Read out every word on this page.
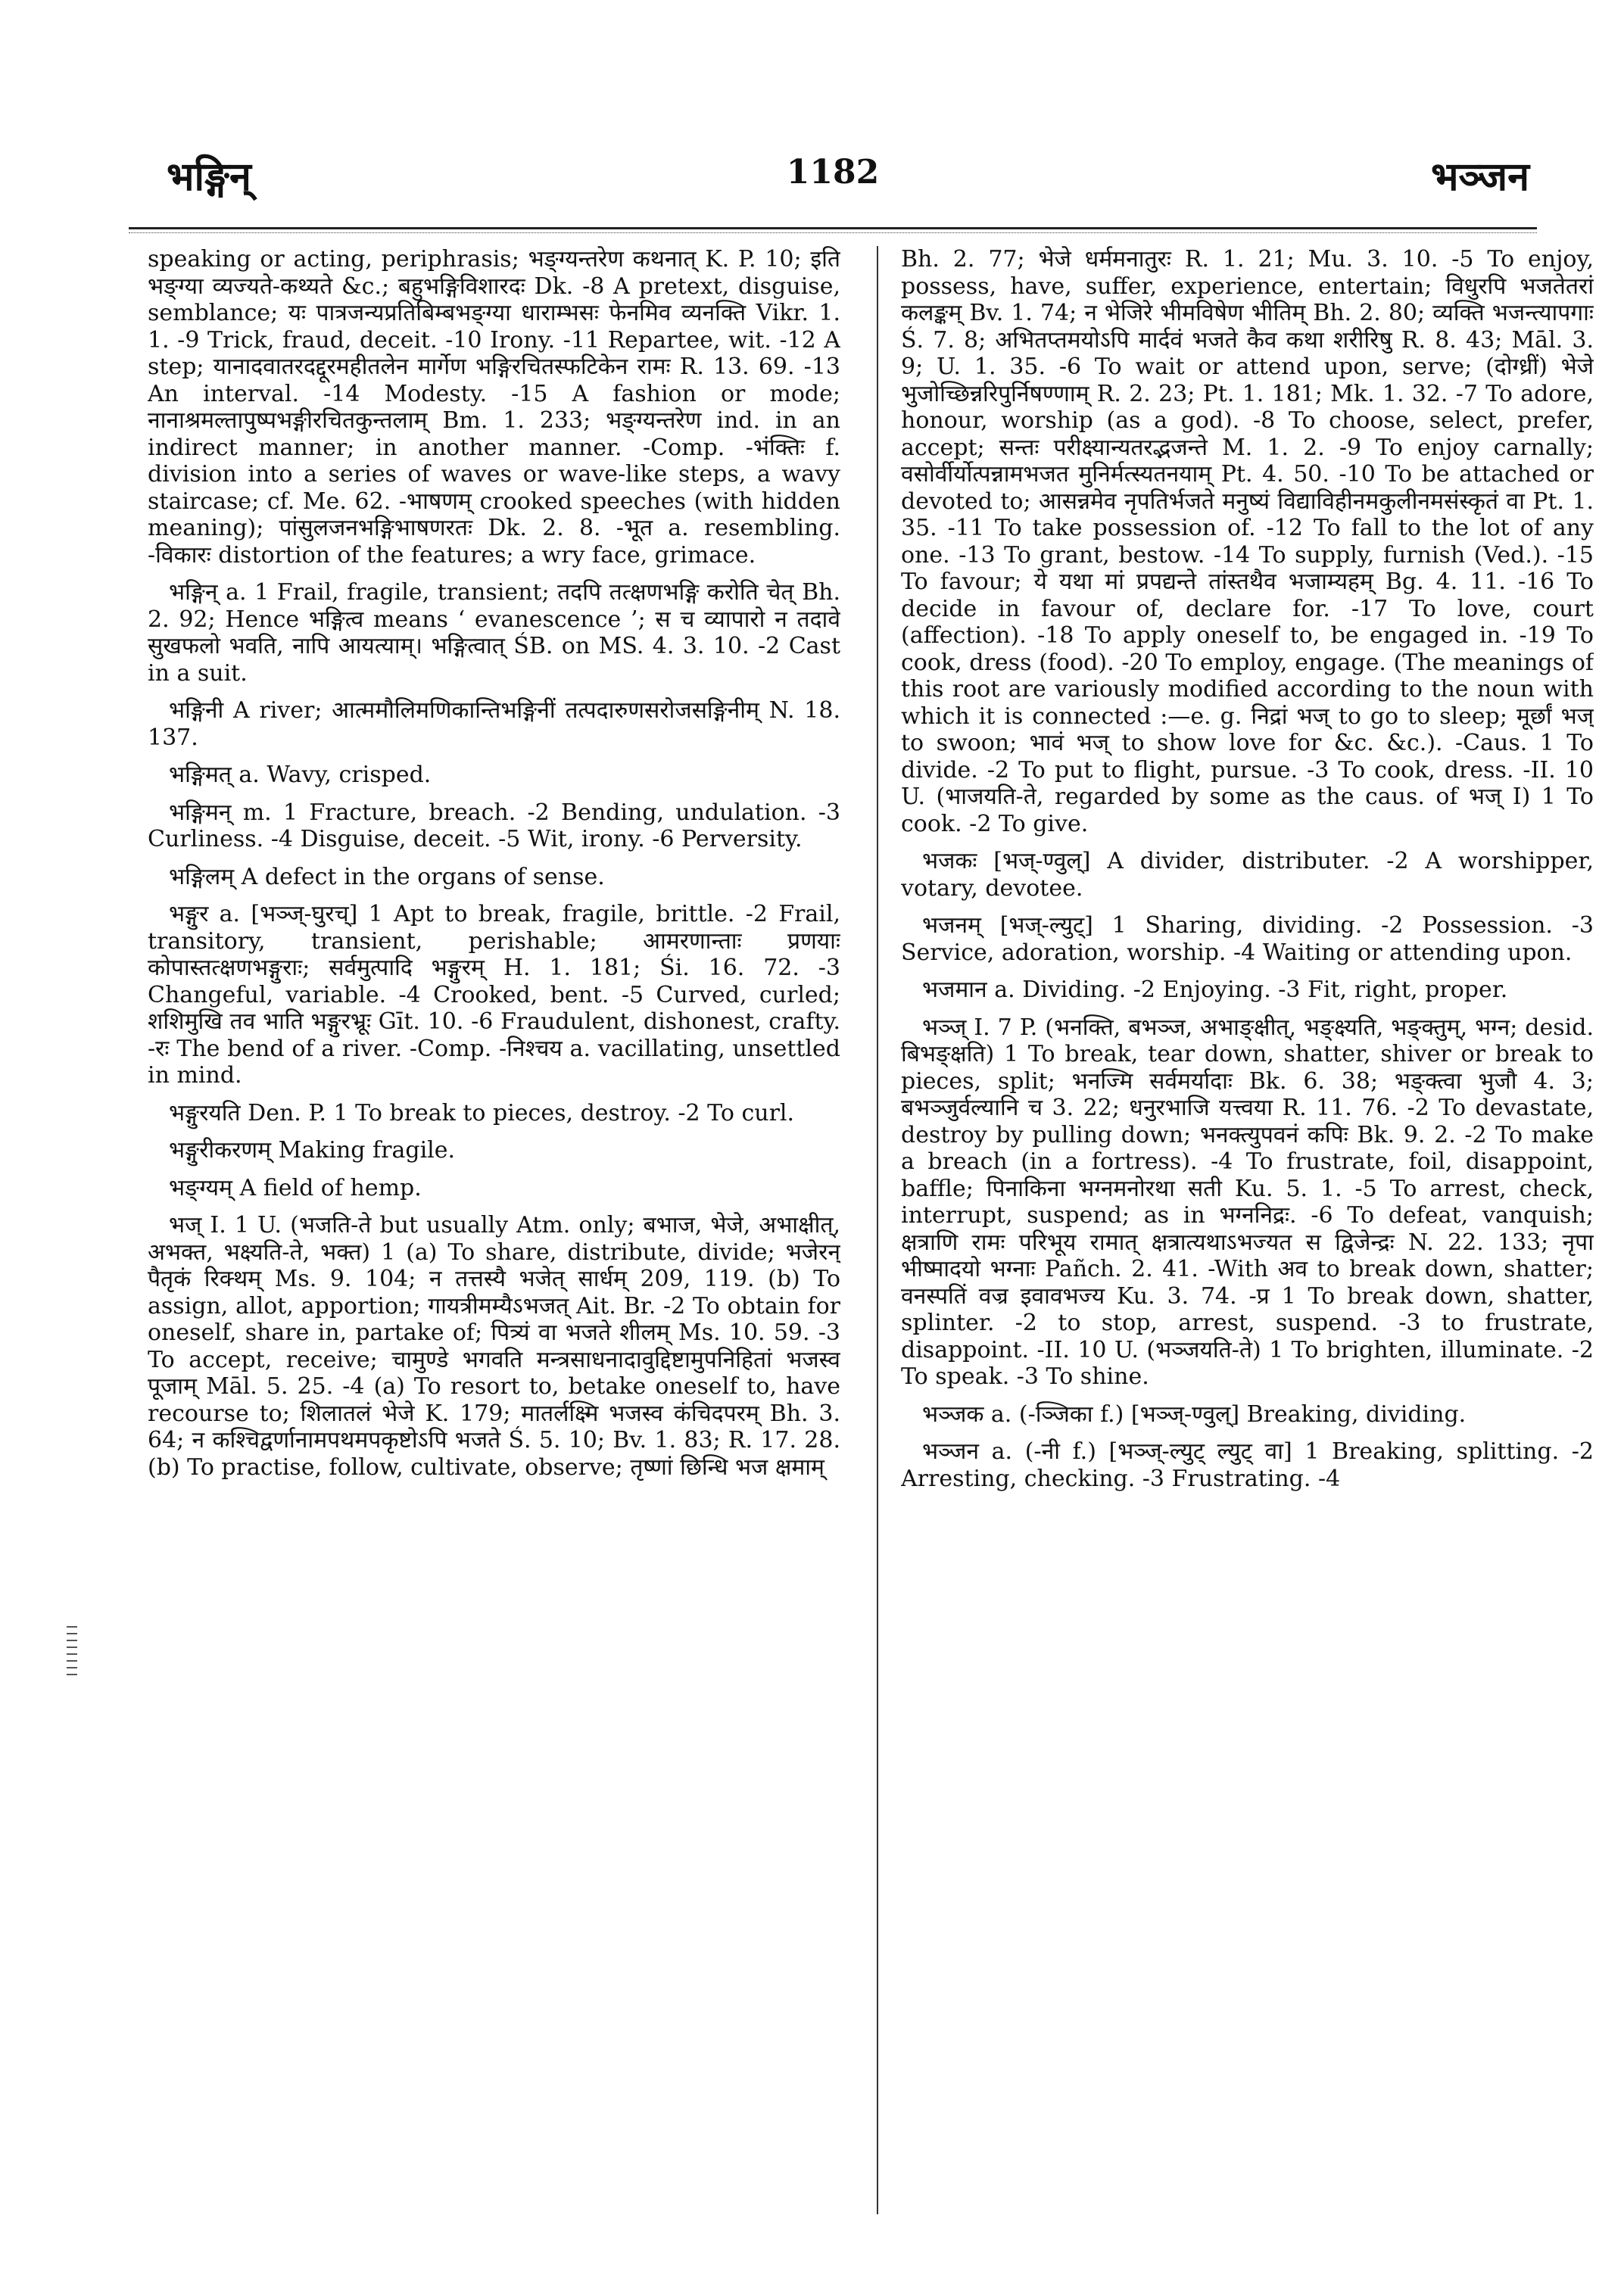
भङ्गिन्	1182	भञ्जन

speaking or acting, periphrasis; भङ्ग्यन्तरेण कथनात् K. P. 10; इति भङ्ग्या व्यज्यते-कथ्यते &c.; बहुभङ्गिविशारदः Dk. -8 A pretext, disguise, semblance; यः पात्रजन्यप्रतिबिम्बभङ्ग्या धाराम्भसः फेनमिव व्यनक्ति Vikr. 1. 1. -9 Trick, fraud, deceit. -10 Irony. -11 Repartee, wit. -12 A step; यानादवातरदद्दूरमहीतलेन मार्गेण भङ्गिरचितस्फटिकेन रामः R. 13. 69. -13 An interval. -14 Modesty. -15 A fashion or mode; नानाश्रमल्तापुष्पभङ्गीरचितकुन्तलाम् Bm. 1. 233; भङ्ग्यन्तरेण ind. in an indirect manner; in another manner. -Comp. -भंक्तिः f. division into a series of waves or wave-like steps, a wavy staircase; cf. Me. 62. -भाषणम् crooked speeches (with hidden meaning); पांसुलजनभङ्गिभाषणरतः Dk. 2. 8. -भूत a. resembling. -विकारः distortion of the features; a wry face, grimace.

भङ्गिन् a. 1 Frail, fragile, transient; तदपि तत्क्षणभङ्गि करोति चेत् Bh. 2. 92; Hence भङ्गित्व means ‘ evanescence ’; स च व्यापारो न तदावे सुखफलो भवति, नापि आयत्याम्। भङ्गित्वात् ŚB. on MS. 4. 3. 10. -2 Cast in a suit.

भङ्गिनी A river; आत्ममौलिमणिकान्तिभङ्गिनीं तत्पदारुणसरोजसङ्गिनीम् N. 18. 137.

भङ्गिमत् a. Wavy, crisped.

भङ्गिमन् m. 1 Fracture, breach. -2 Bending, undulation. -3 Curliness. -4 Disguise, deceit. -5 Wit, irony. -6 Perversity.

भङ्गिलम् A defect in the organs of sense.

भङ्गुर a. [भञ्ज्-घुरच्] 1 Apt to break, fragile, brittle. -2 Frail, transitory, transient, perishable; आमरणान्ताः प्रणयाः कोपास्तत्क्षणभङ्गुराः; सर्वमुत्पादि भङ्गुरम् H. 1. 181; Śi. 16. 72. -3 Changeful, variable. -4 Crooked, bent. -5 Curved, curled; शशिमुखि तव भाति भङ्गुरभ्रूः Gīt. 10. -6 Fraudulent, dishonest, crafty. -रः The bend of a river. -Comp. -निश्चय a. vacillating, unsettled in mind.

भङ्गुरयति Den. P. 1 To break to pieces, destroy. -2 To curl.

भङ्गुरीकरणम् Making fragile.

भङ्ग्यम् A field of hemp.

भज् I. 1 U. (भजति-ते but usually Atm. only; बभाज, भेजे, अभाक्षीत्, अभक्त, भक्ष्यति-ते, भक्त) 1 (a) To share, distribute, divide; भजेरन् पैतृकं रिक्थम् Ms. 9. 104; न तत्तस्यै भजेत् सार्धम् 209, 119. (b) To assign, allot, apportion; गायत्रीमम्यैऽभजत् Ait. Br. -2 To obtain for oneself, share in, partake of; पित्र्यं वा भजते शीलम् Ms. 10. 59. -3 To accept, receive; चामुण्डे भगवति मन्त्रसाधनादावुद्दिष्टामुपनिहितां भजस्व पूजाम् Māl. 5. 25. -4 (a) To resort to, betake oneself to, have recourse to; शिलातलं भेजे K. 179; मातर्लक्ष्मि भजस्व कंचिदपरम् Bh. 3. 64; न कश्चिद्वर्णानामपथमपकृष्टोऽपि भजते Ś. 5. 10; Bv. 1. 83; R. 17. 28. (b) To practise, follow, cultivate, observe; तृष्णां छिन्धि भज क्षमाम्

Bh. 2. 77; भेजे धर्ममनातुरः R. 1. 21; Mu. 3. 10. -5 To enjoy, possess, have, suffer, experience, entertain; विधुरपि भजतेतरां कलङ्कम् Bv. 1. 74; न भेजिरे भीमविषेण भीतिम् Bh. 2. 80; व्यक्ति भजन्त्यापगाः Ś. 7. 8; अभितप्तमयोऽपि मार्दवं भजते कैव कथा शरीरिषु R. 8. 43; Māl. 3. 9; U. 1. 35. -6 To wait or attend upon, serve; (दोग्ध्रीं) भेजे भुजोच्छिन्नरिपुर्निषण्णाम् R. 2. 23; Pt. 1. 181; Mk. 1. 32. -7 To adore, honour, worship (as a god). -8 To choose, select, prefer, accept; सन्तः परीक्ष्यान्यतरद्भजन्ते M. 1. 2. -9 To enjoy carnally; वसोर्वीर्योत्पन्नामभजत मुनिर्मत्स्यतनयाम् Pt. 4. 50. -10 To be attached or devoted to; आसन्नमेव नृपतिर्भजते मनुष्यं विद्याविहीनमकुलीनमसंस्कृतं वा Pt. 1. 35. -11 To take possession of. -12 To fall to the lot of any one. -13 To grant, bestow. -14 To supply, furnish (Ved.). -15 To favour; ये यथा मां प्रपद्यन्ते तांस्तथैव भजाम्यहम् Bg. 4. 11. -16 To decide in favour of, declare for. -17 To love, court (affection). -18 To apply oneself to, be engaged in. -19 To cook, dress (food). -20 To employ, engage. (The meanings of this root are variously modified according to the noun with which it is connected :—e. g. निद्रां भज् to go to sleep; मूर्छां भज् to swoon; भावं भज् to show love for &c. &c.). -Caus. 1 To divide. -2 To put to flight, pursue. -3 To cook, dress. -II. 10 U. (भाजयति-ते, regarded by some as the caus. of भज् I) 1 To cook. -2 To give.

भजकः [भज्-ण्वुल्] A divider, distributer. -2 A worshipper, votary, devotee.

भजनम् [भज्-ल्युट्] 1 Sharing, dividing. -2 Possession. -3 Service, adoration, worship. -4 Waiting or attending upon.

भजमान a. Dividing. -2 Enjoying. -3 Fit, right, proper.

भञ्ज् I. 7 P. (भनक्ति, बभञ्ज, अभाङ्क्षीत्, भङ्क्ष्यति, भङ्क्तुम्, भग्न; desid. बिभङ्क्षति) 1 To break, tear down, shatter, shiver or break to pieces, split; भनज्मि सर्वमर्यादाः Bk. 6. 38; भङ्क्त्वा भुजौ 4. 3; बभञ्जुर्वल्यानि च 3. 22; धनुरभाजि यत्त्वया R. 11. 76. -2 To devastate, destroy by pulling down; भनक्त्युपवनं कपिः Bk. 9. 2. -2 To make a breach (in a fortress). -4 To frustrate, foil, disappoint, baffle; पिनाकिना भग्नमनोरथा सती Ku. 5. 1. -5 To arrest, check, interrupt, suspend; as in भग्ननिद्रः. -6 To defeat, vanquish; क्षत्राणि रामः परिभूय रामात् क्षत्रात्यथाऽभज्यत स द्विजेन्द्रः N. 22. 133; नृपा भीष्मादयो भग्नाः Pañch. 2. 41. -With अव to break down, shatter; वनस्पतिं वज्र इवावभज्य Ku. 3. 74. -प्र 1 To break down, shatter, splinter. -2 to stop, arrest, suspend. -3 to frustrate, disappoint. -II. 10 U. (भञ्जयति-ते) 1 To brighten, illuminate. -2 To speak. -3 To shine.

भञ्जक a. (-ञ्जिका f.) [भञ्ज्-ण्वुल्] Breaking, dividing.

भञ्जन a. (-नी f.) [भञ्ज्-ल्युट् ल्युट् वा] 1 Breaking, splitting. -2 Arresting, checking. -3 Frustrating. -4
